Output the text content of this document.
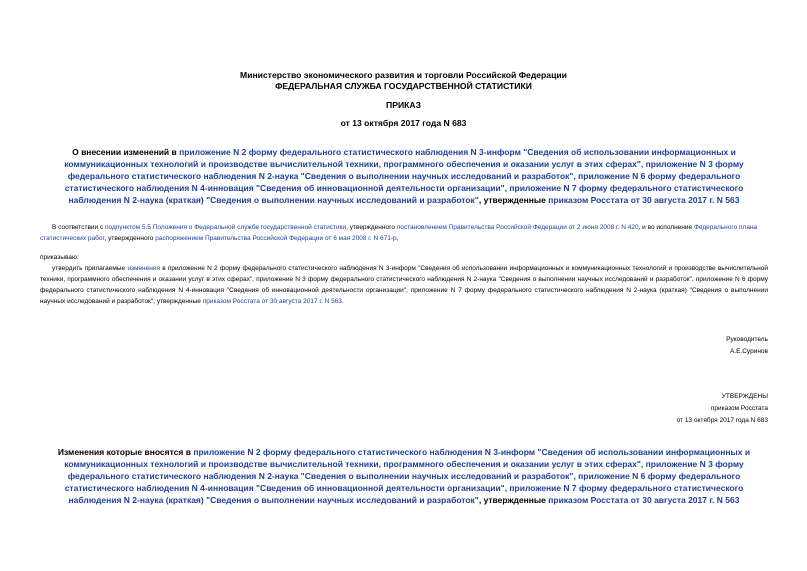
Министерство экономического развития и торговли Российской Федерации
ФЕДЕРАЛЬНАЯ СЛУЖБА ГОСУДАРСТВЕННОЙ СТАТИСТИКИ
ПРИКАЗ
от 13 октября 2017 года N 683
О внесении изменений в приложение N 2 форму федерального статистического наблюдения N 3-информ "Сведения об использовании информационных и коммуникационных технологий и производстве вычислительной техники, программного обеспечения и оказании услуг в этих сферах", приложение N 3 форму федерального статистического наблюдения N 2-наука "Сведения о выполнении научных исследований и разработок", приложение N 6 форму федерального статистического наблюдения N 4-инновация "Сведения об инновационной деятельности организации", приложение N 7 форму федерального статистического наблюдения N 2-наука (краткая) "Сведения о выполнении научных исследований и разработок", утвержденные приказом Росстата от 30 августа 2017 г. N 563
В соответствии с подпунктом 5.5 Положения о Федеральной службе государственной статистики, утвержденного постановлением Правительства Российской Федерации от 2 июня 2008 г. N 420, и во исполнение Федерального плана статистических работ, утвержденного распоряжением Правительства Российской Федерации от 6 мая 2008 г. N 671-р,
приказываю:
утвердить прилагаемые изменения в приложение N 2 форму федерального статистического наблюдения N 3-информ "Сведения об использовании информационных и коммуникационных технологий и производстве вычислительной техники, программного обеспечения и оказании услуг в этих сферах", приложение N 3 форму федерального статистического наблюдения N 2-наука "Сведения о выполнении научных исследований и разработок", приложение N 6 форму федерального статистического наблюдения N 4-инновация "Сведения об инновационной деятельности организации", приложение N 7 форму федерального статистического наблюдения N 2-наука (краткая) "Сведения о выполнении научных исследований и разработок", утвержденные приказом Росстата от 30 августа 2017 г. N 563.
Руководитель
А.Е.Суринов
УТВЕРЖДЕНЫ
приказом Росстата
от 13 октября 2017 года N 683
Изменения которые вносятся в приложение N 2 форму федерального статистического наблюдения N 3-информ "Сведения об использовании информационных и коммуникационных технологий и производстве вычислительной техники, программного обеспечения и оказании услуг в этих сферах", приложение N 3 форму федерального статистического наблюдения N 2-наука "Сведения о выполнении научных исследований и разработок", приложение N 6 форму федерального статистического наблюдения N 4-инновация "Сведения об инновационной деятельности организации", приложение N 7 форму федерального статистического наблюдения N 2-наука (краткая) "Сведения о выполнении научных исследований и разработок", утвержденные приказом Росстата от 30 августа 2017 г. N 563
